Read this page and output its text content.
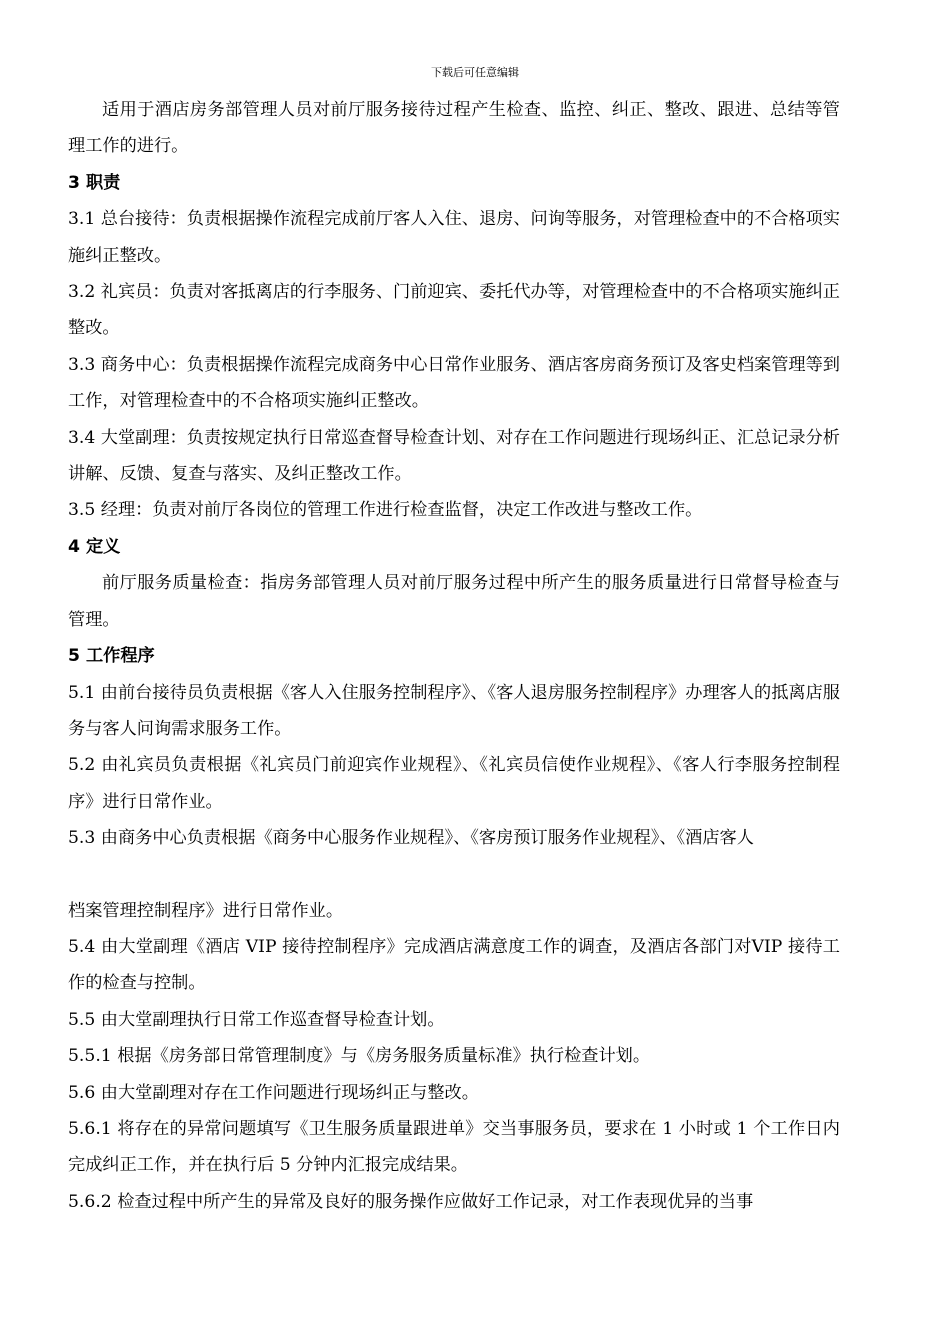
下载后可任意编辑

适用于酒店房务部管理人员对前厅服务接待过程产生检查、监控、纠正、整改、跟进、总结等管理工作的进行。

3 职责

3.1 总台接待：负责根据操作流程完成前厅客人入住、退房、问询等服务，对管理检查中的不合格项实施纠正整改。

3.2 礼宾员：负责对客抵离店的行李服务、门前迎宾、委托代办等，对管理检查中的不合格项实施纠正整改。

3.3 商务中心：负责根据操作流程完成商务中心日常作业服务、酒店客房商务预订及客史档案管理等到工作，对管理检查中的不合格项实施纠正整改。

3.4 大堂副理：负责按规定执行日常巡查督导检查计划、对存在工作问题进行现场纠正、汇总记录分析讲解、反馈、复查与落实、及纠正整改工作。

3.5 经理：负责对前厅各岗位的管理工作进行检查监督，决定工作改进与整改工作。

4 定义

前厅服务质量检查：指房务部管理人员对前厅服务过程中所产生的服务质量进行日常督导检查与管理。

5 工作程序

5.1 由前台接待员负责根据《客人入住服务控制程序》、《客人退房服务控制程序》办理客人的抵离店服务与客人问询需求服务工作。

5.2 由礼宾员负责根据《礼宾员门前迎宾作业规程》、《礼宾员信使作业规程》、《客人行李服务控制程序》进行日常作业。

5.3 由商务中心负责根据《商务中心服务作业规程》、《客房预订服务作业规程》、《酒店客人

档案管理控制程序》进行日常作业。

5.4 由大堂副理《酒店 VIP 接待控制程序》完成酒店满意度工作的调查，及酒店各部门对VIP 接待工作的检查与控制。

5.5 由大堂副理执行日常工作巡查督导检查计划。

5.5.1 根据《房务部日常管理制度》与《房务服务质量标准》执行检查计划。

5.6 由大堂副理对存在工作问题进行现场纠正与整改。

5.6.1 将存在的异常问题填写《卫生服务质量跟进单》交当事服务员，要求在 1 小时或 1 个工作日内完成纠正工作，并在执行后 5 分钟内汇报完成结果。

5.6.2 检查过程中所产生的异常及良好的服务操作应做好工作记录，对工作表现优异的当事
